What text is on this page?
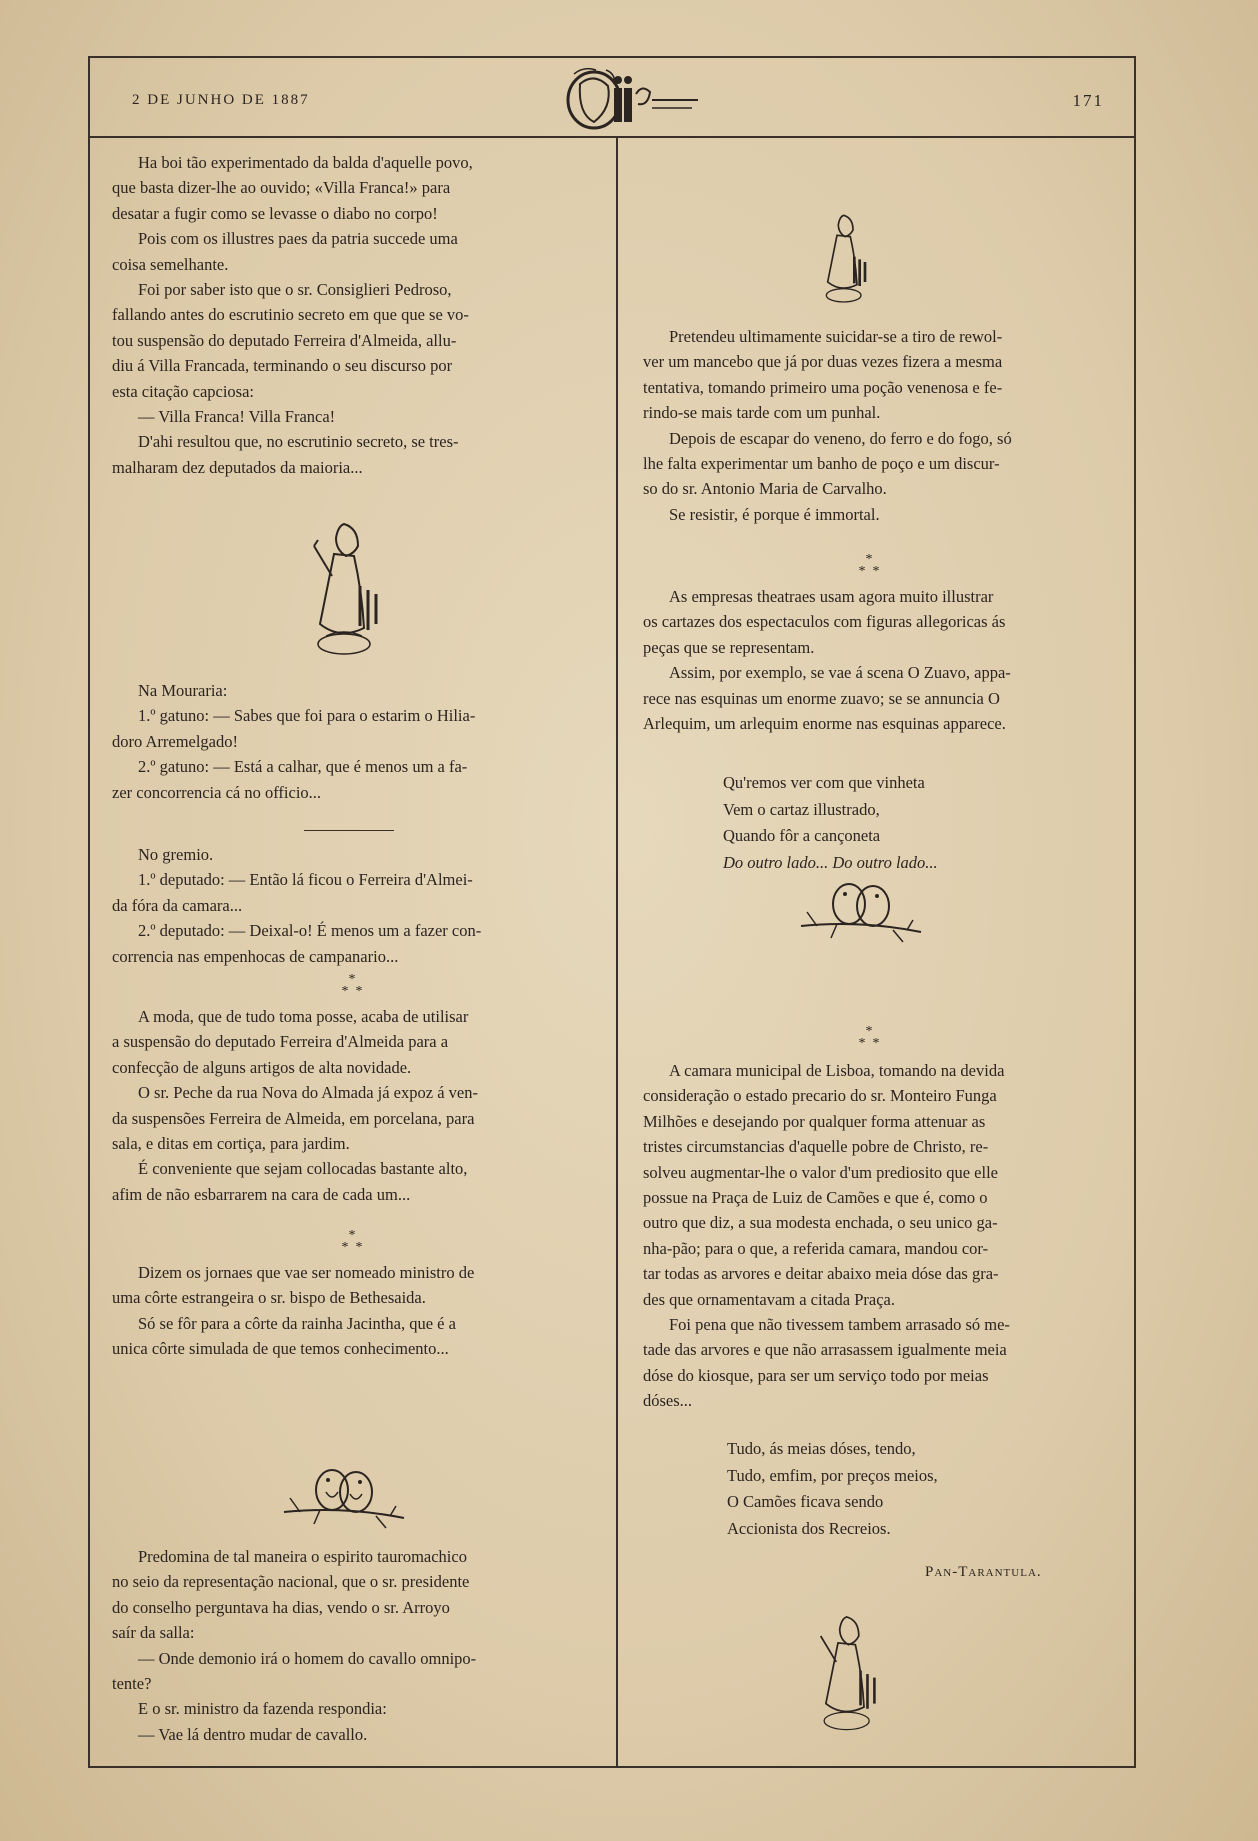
2 DE JUNHO DE 1887	171

Ha boi tão experimentado da balda d'aquelle povo,

que basta dizer-lhe ao ouvido; «Villa Franca!» para

desatar a fugir como se levasse o diabo no corpo!

Pois com os illustres paes da patria succede uma

coisa semelhante.

Foi por saber isto que o sr. Consiglieri Pedroso,

fallando antes do escrutinio secreto em que que se vo-

tou suspensão do deputado Ferreira d'Almeida, allu-

diu á Villa Francada, terminando o seu discurso por

esta citação capciosa:

— Villa Franca! Villa Franca!

D'ahi resultou que, no escrutinio secreto, se tres-

malharam dez deputados da maioria...

Na Mouraria:

1.º gatuno: — Sabes que foi para o estarim o Hilia-

doro Arremelgado!

2.º gatuno: — Está a calhar, que é menos um a fa-

zer concorrencia cá no officio...

No gremio.

1.º deputado: — Então lá ficou o Ferreira d'Almei-

da fóra da camara...

2.º deputado: — Deixal-o! É menos um a fazer con-

correncia nas empenhocas de campanario...

*
*  *

A moda, que de tudo toma posse, acaba de utilisar

a suspensão do deputado Ferreira d'Almeida para a

confecção de alguns artigos de alta novidade.

O sr. Peche da rua Nova do Almada já expoz á ven-

da suspensões Ferreira de Almeida, em porcelana, para

sala, e ditas em cortiça, para jardim.

É conveniente que sejam collocadas bastante alto,

afim de não esbarrarem na cara de cada um...

*
*  *

Dizem os jornaes que vae ser nomeado ministro de

uma côrte estrangeira o sr. bispo de Bethesaida.

Só se fôr para a côrte da rainha Jacintha, que é a

unica côrte simulada de que temos conhecimento...

Predomina de tal maneira o espirito tauromachico

no seio da representação nacional, que o sr. presidente

do conselho perguntava ha dias, vendo o sr. Arroyo

saír da salla:

— Onde demonio irá o homem do cavallo omnipo-

tente?

E o sr. ministro da fazenda respondia:

— Vae lá dentro mudar de cavallo.

Pretendeu ultimamente suicidar-se a tiro de rewol-

ver um mancebo que já por duas vezes fizera a mesma

tentativa, tomando primeiro uma poção venenosa e fe-

rindo-se mais tarde com um punhal.

Depois de escapar do veneno, do ferro e do fogo, só

lhe falta experimentar um banho de poço e um discur-

so do sr. Antonio Maria de Carvalho.

Se resistir, é porque é immortal.

*
*  *

As empresas theatraes usam agora muito illustrar

os cartazes dos espectaculos com figuras allegoricas ás

peças que se representam.

Assim, por exemplo, se vae á scena O Zuavo, appa-

rece nas esquinas um enorme zuavo; se se annuncia O

Arlequim, um arlequim enorme nas esquinas apparece.

Qu'remos ver com que vinheta

Vem o cartaz illustrado,

Quando fôr a cançoneta

Do outro lado... Do outro lado...

*
*  *

A camara municipal de Lisboa, tomando na devida

consideração o estado precario do sr. Monteiro Funga

Milhões e desejando por qualquer forma attenuar as

tristes circumstancias d'aquelle pobre de Christo, re-

solveu augmentar-lhe o valor d'um prediosito que elle

possue na Praça de Luiz de Camões e que é, como o

outro que diz, a sua modesta enchada, o seu unico ga-

nha-pão; para o que, a referida camara, mandou cor-

tar todas as arvores e deitar abaixo meia dóse das gra-

des que ornamentavam a citada Praça.

Foi pena que não tivessem tambem arrasado só me-

tade das arvores e que não arrasassem igualmente meia

dóse do kiosque, para ser um serviço todo por meias

dóses...

Tudo, ás meias dóses, tendo,

Tudo, emfim, por preços meios,

O Camões ficava sendo

Accionista dos Recreios.

Pan-Tarantula.
